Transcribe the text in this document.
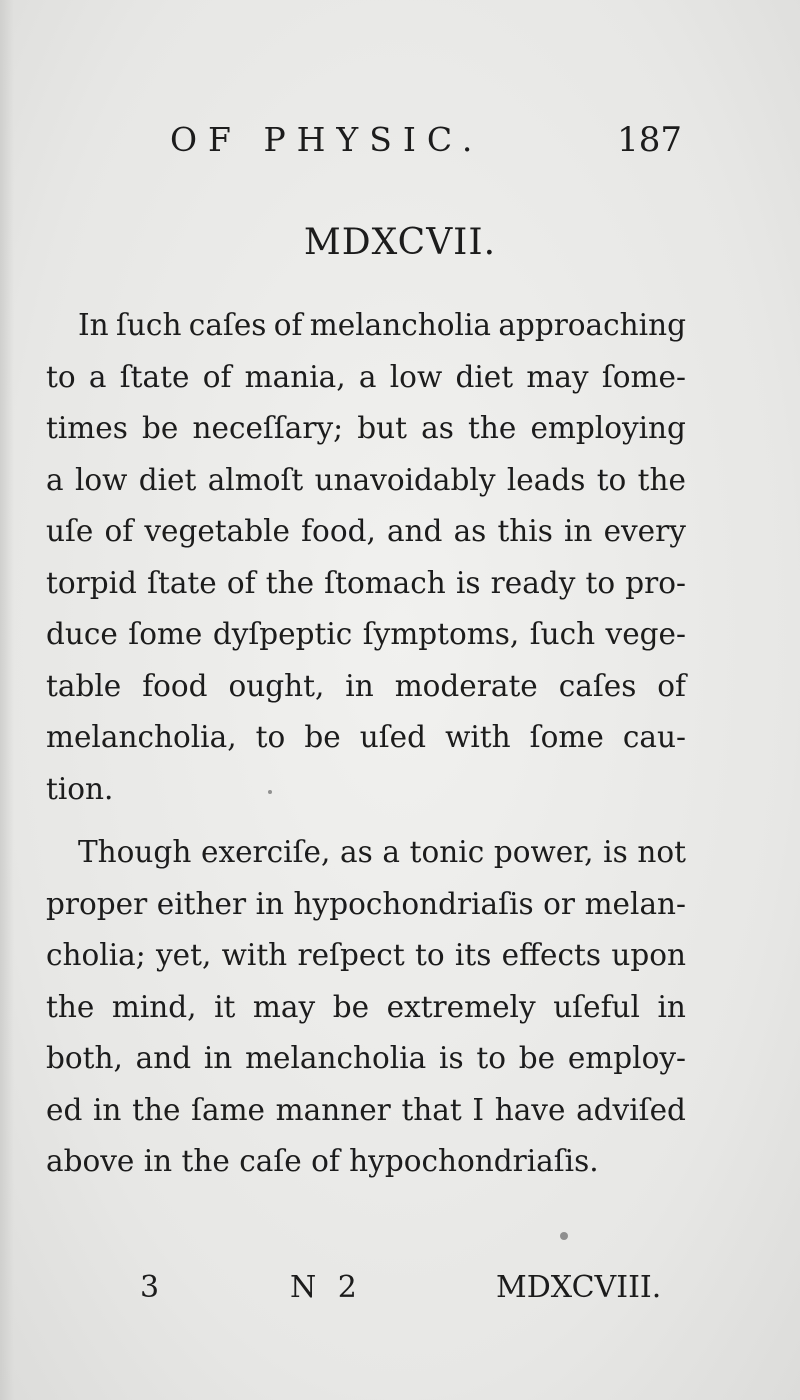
OF PHYSIC.	187
MDXCVII.
In ſuch caſes of melancholia approaching
to a ſtate of mania, a low diet may ſome-
times be neceſſary; but as the employing
a low diet almoſt unavoidably leads to the
uſe of vegetable food, and as this in every
torpid ſtate of the ſtomach is ready to pro-
duce ſome dyſpeptic ſymptoms, ſuch vege-
table food ought, in moderate caſes of
melancholia, to be uſed with ſome cau-
tion.
Though exerciſe, as a tonic power, is not
proper either in hypochondriaſis or melan-
cholia; yet, with reſpect to its effects upon
the mind, it may be extremely uſeful in
both, and in melancholia is to be employ-
ed in the ſame manner that I have adviſed
above in the caſe of hypochondriaſis.
3	N 2	MDXCVIII.
